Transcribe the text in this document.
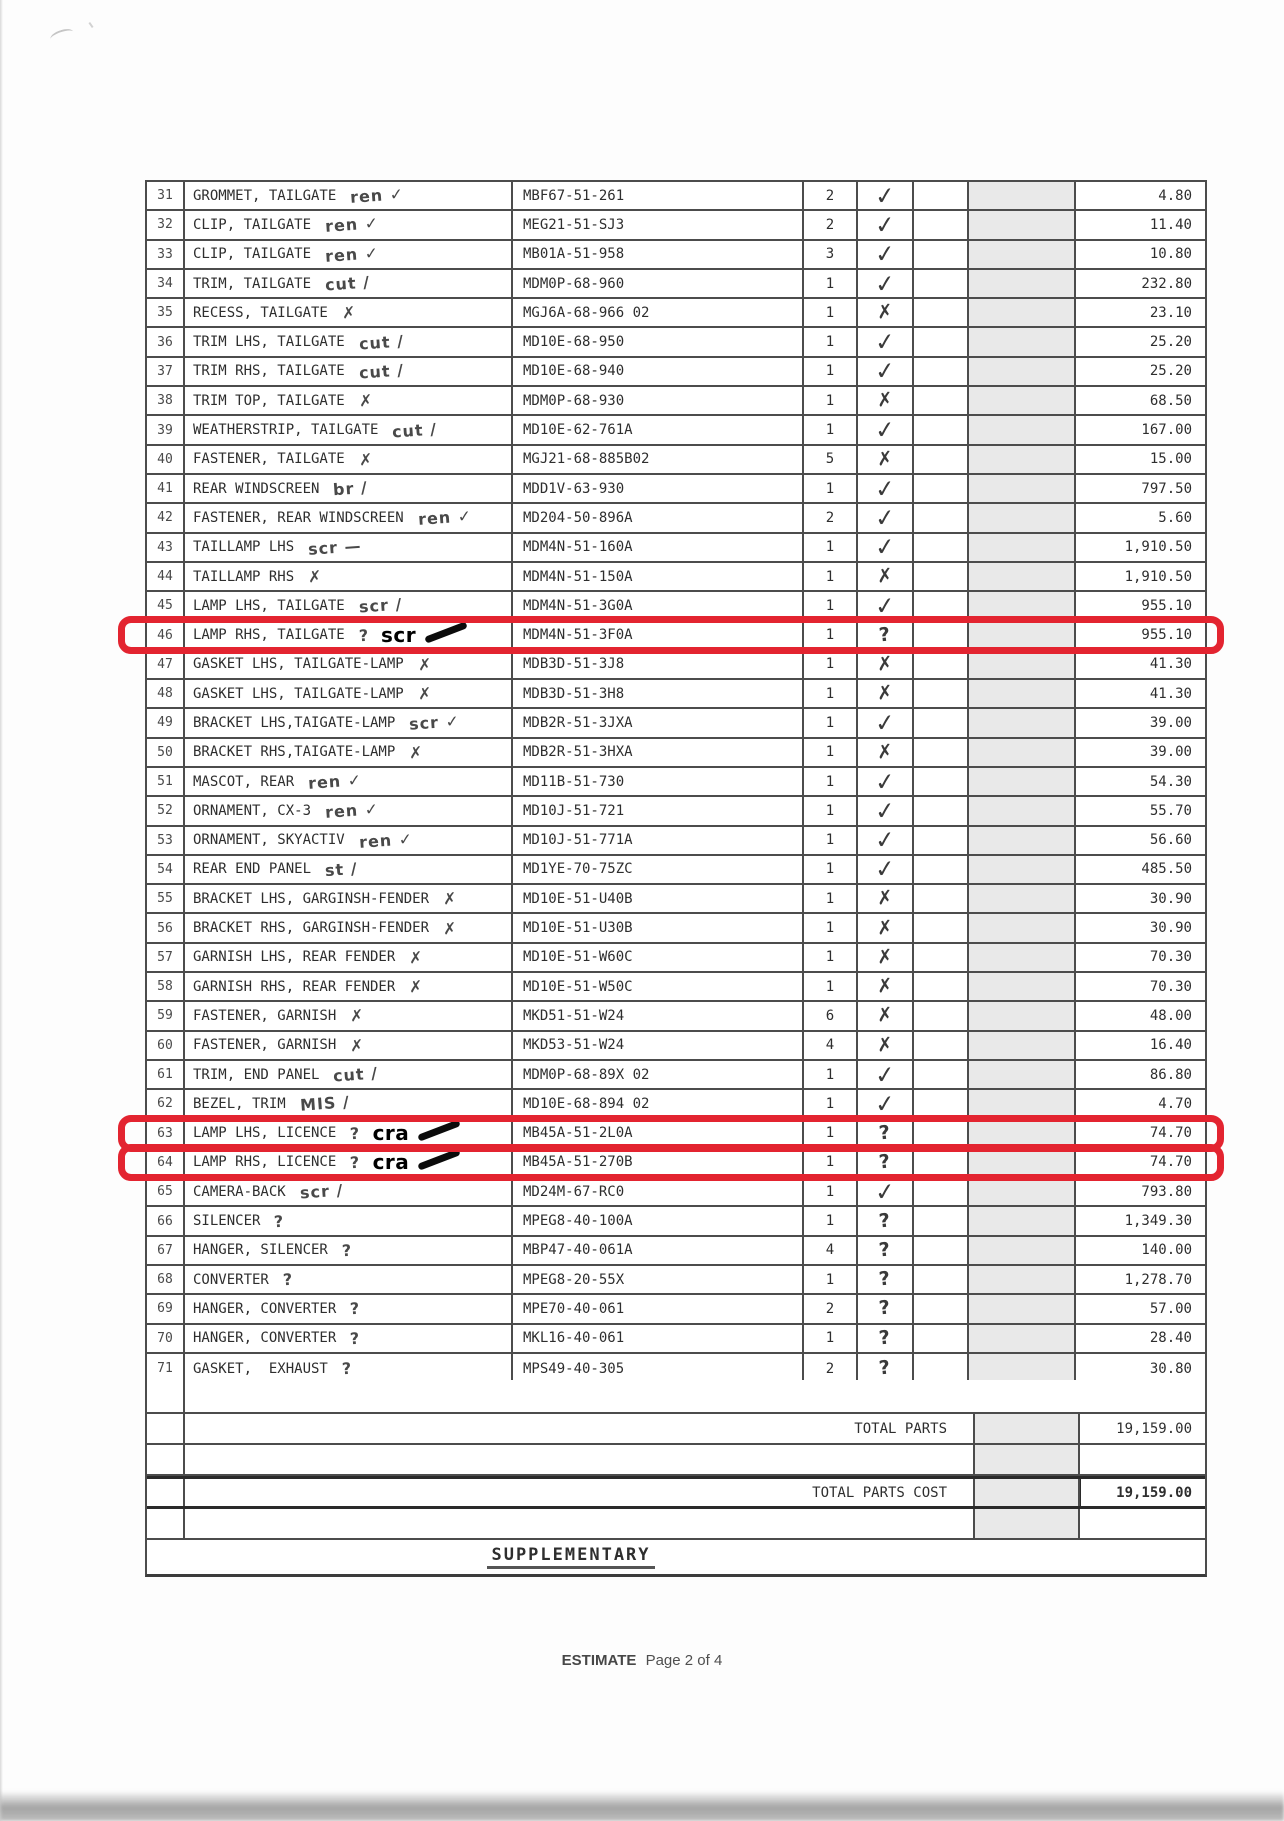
31	GROMMET, TAILGATE ren ✓	MBF67-51-261	2	✓	4.80
32	CLIP, TAILGATE ren ✓	MEG21-51-SJ3	2	✓	11.40
33	CLIP, TAILGATE ren ✓	MB01A-51-958	3	✓	10.80
34	TRIM, TAILGATE cut /	MDM0P-68-960	1	✓	232.80
35	RECESS, TAILGATE ✗	MGJ6A-68-966 02	1	✗	23.10
36	TRIM LHS, TAILGATE cut /	MD10E-68-950	1	✓	25.20
37	TRIM RHS, TAILGATE cut /	MD10E-68-940	1	✓	25.20
38	TRIM TOP, TAILGATE ✗	MDM0P-68-930	1	✗	68.50
39	WEATHERSTRIP, TAILGATE cut /	MD10E-62-761A	1	✓	167.00
40	FASTENER, TAILGATE ✗	MGJ21-68-885B02	5	✗	15.00
41	REAR WINDSCREEN br /	MDD1V-63-930	1	✓	797.50
42	FASTENER, REAR WINDSCREEN ren ✓	MD204-50-896A	2	✓	5.60
43	TAILLAMP LHS scr —	MDM4N-51-160A	1	✓	1,910.50
44	TAILLAMP RHS ✗	MDM4N-51-150A	1	✗	1,910.50
45	LAMP LHS, TAILGATE scr /	MDM4N-51-3G0A	1	✓	955.10
46	LAMP RHS, TAILGATE ? scr	MDM4N-51-3F0A	1	?	955.10
47	GASKET LHS, TAILGATE-LAMP ✗	MDB3D-51-3J8	1	✗	41.30
48	GASKET LHS, TAILGATE-LAMP ✗	MDB3D-51-3H8	1	✗	41.30
49	BRACKET LHS,TAIGATE-LAMP scr ✓	MDB2R-51-3JXA	1	✓	39.00
50	BRACKET RHS,TAIGATE-LAMP ✗	MDB2R-51-3HXA	1	✗	39.00
51	MASCOT, REAR ren ✓	MD11B-51-730	1	✓	54.30
52	ORNAMENT, CX-3 ren ✓	MD10J-51-721	1	✓	55.70
53	ORNAMENT, SKYACTIV ren ✓	MD10J-51-771A	1	✓	56.60
54	REAR END PANEL st /	MD1YE-70-75ZC	1	✓	485.50
55	BRACKET LHS, GARGINSH-FENDER ✗	MD10E-51-U40B	1	✗	30.90
56	BRACKET RHS, GARGINSH-FENDER ✗	MD10E-51-U30B	1	✗	30.90
57	GARNISH LHS, REAR FENDER ✗	MD10E-51-W60C	1	✗	70.30
58	GARNISH RHS, REAR FENDER ✗	MD10E-51-W50C	1	✗	70.30
59	FASTENER, GARNISH ✗	MKD51-51-W24	6	✗	48.00
60	FASTENER, GARNISH ✗	MKD53-51-W24	4	✗	16.40
61	TRIM, END PANEL cut /	MDM0P-68-89X 02	1	✓	86.80
62	BEZEL, TRIM MIS /	MD10E-68-894 02	1	✓	4.70
63	LAMP LHS, LICENCE ? cra	MB45A-51-2L0A	1	?	74.70
64	LAMP RHS, LICENCE ? cra	MB45A-51-270B	1	?	74.70
65	CAMERA-BACK scr /	MD24M-67-RC0	1	✓	793.80
66	SILENCER ?	MPEG8-40-100A	1	?	1,349.30
67	HANGER, SILENCER ?	MBP47-40-061A	4	?	140.00
68	CONVERTER ?	MPEG8-20-55X	1	?	1,278.70
69	HANGER, CONVERTER ?	MPE70-40-061	2	?	57.00
70	HANGER, CONVERTER ?	MKL16-40-061	1	?	28.40
71	GASKET,  EXHAUST ?	MPS49-40-305	2	?	30.80
TOTAL PARTS	19,159.00
TOTAL PARTS COST	19,159.00
SUPPLEMENTARY
ESTIMATE Page 2 of 4
